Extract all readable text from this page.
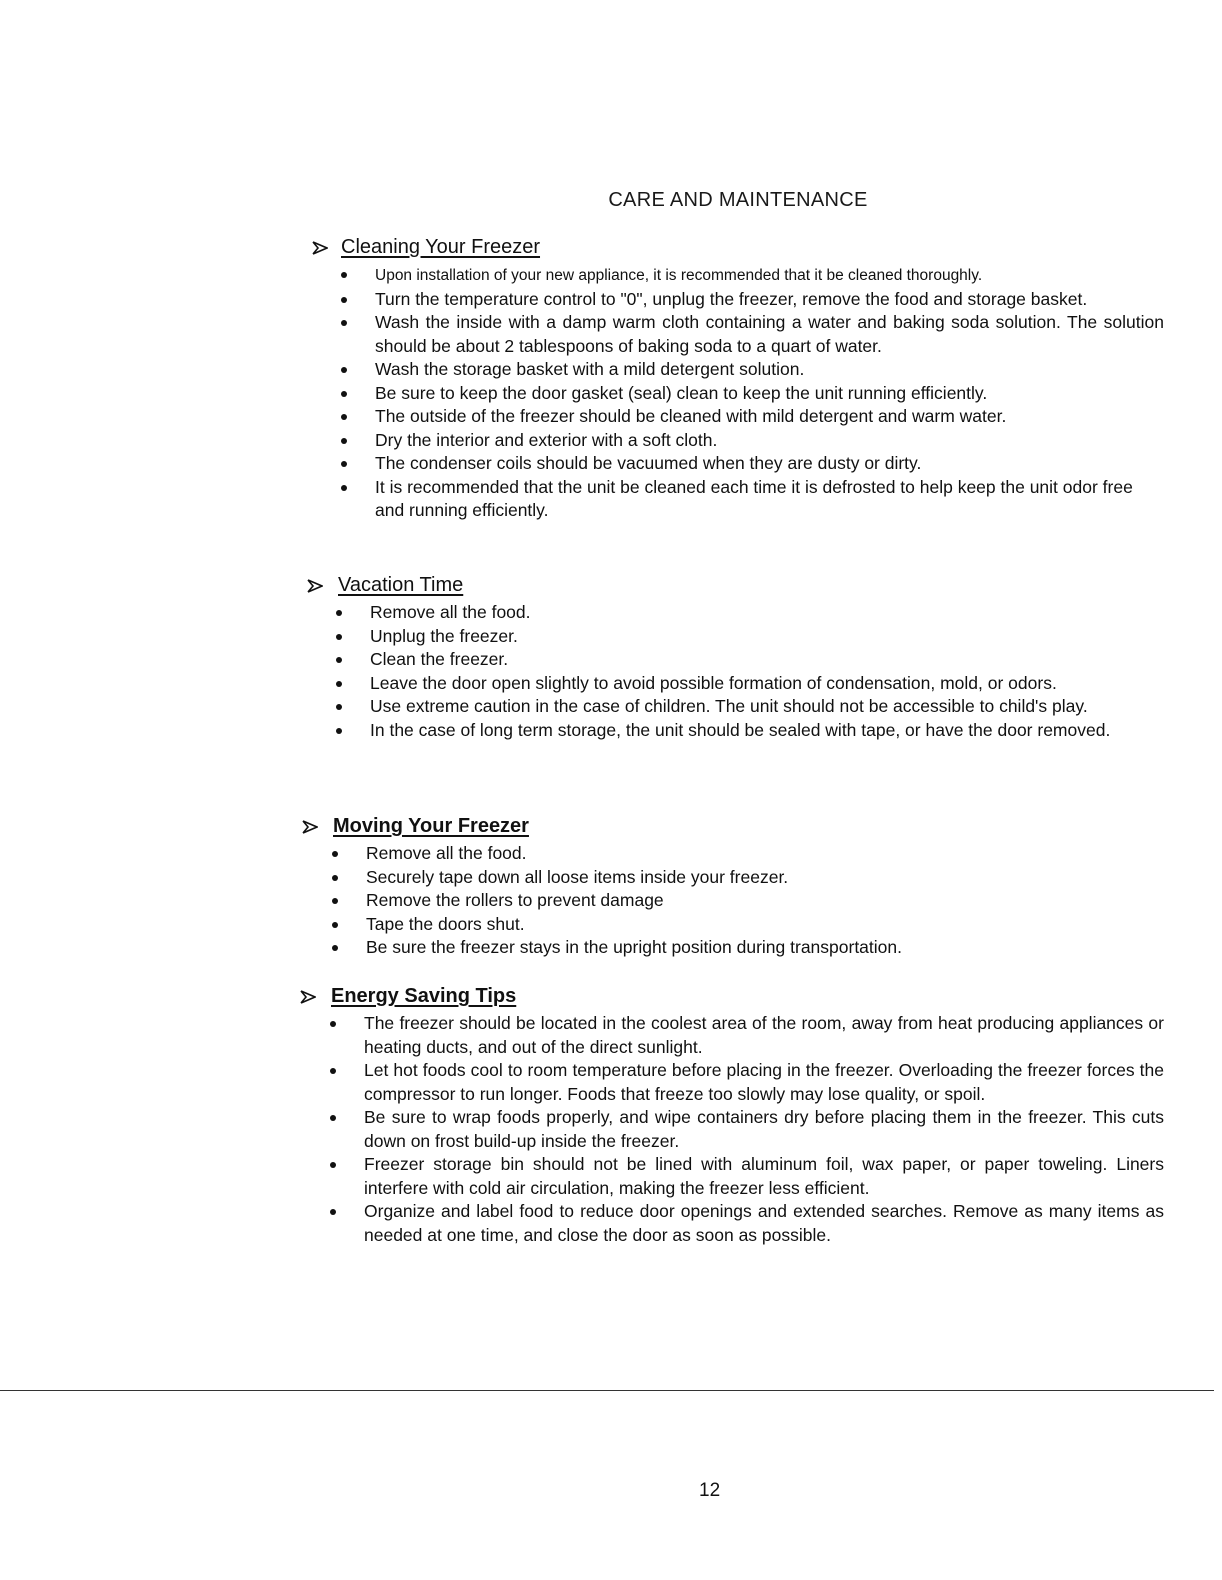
CARE AND MAINTENANCE
Cleaning Your Freezer
Upon installation of your new appliance, it is recommended that it be cleaned thoroughly.
Turn the temperature control to "0", unplug the freezer, remove the food and storage basket.
Wash the inside with a damp warm cloth containing a water and baking soda solution. The solution should be about 2 tablespoons of baking soda to a quart of water.
Wash the storage basket with a mild detergent solution.
Be sure to keep the door gasket (seal) clean to keep the unit running efficiently.
The outside of the freezer should be cleaned with mild detergent and warm water.
Dry the interior and exterior with a soft cloth.
The condenser coils should be vacuumed when they are dusty or dirty.
It is recommended that the unit be cleaned each time it is defrosted to help keep the unit odor free and running efficiently.
Vacation Time
Remove all the food.
Unplug the freezer.
Clean the freezer.
Leave the door open slightly to avoid possible formation of condensation, mold, or odors.
Use extreme caution in the case of children. The unit should not be accessible to child's play.
In the case of long term storage, the unit should be sealed with tape, or have the door removed.
Moving Your Freezer
Remove all the food.
Securely tape down all loose items inside your freezer.
Remove the rollers to prevent damage
Tape the doors shut.
Be sure the freezer stays in the upright position during transportation.
Energy Saving Tips
The freezer should be located in the coolest area of the room, away from heat producing appliances or heating ducts, and out of the direct sunlight.
Let hot foods cool to room temperature before placing in the freezer. Overloading the freezer forces the compressor to run longer. Foods that freeze too slowly may lose quality, or spoil.
Be sure to wrap foods properly, and wipe containers dry before placing them in the freezer. This cuts down on frost build-up inside the freezer.
Freezer storage bin should not be lined with aluminum foil, wax paper, or paper toweling. Liners interfere with cold air circulation, making the freezer less efficient.
Organize and label food to reduce door openings and extended searches. Remove as many items as needed at one time, and close the door as soon as possible.
12
